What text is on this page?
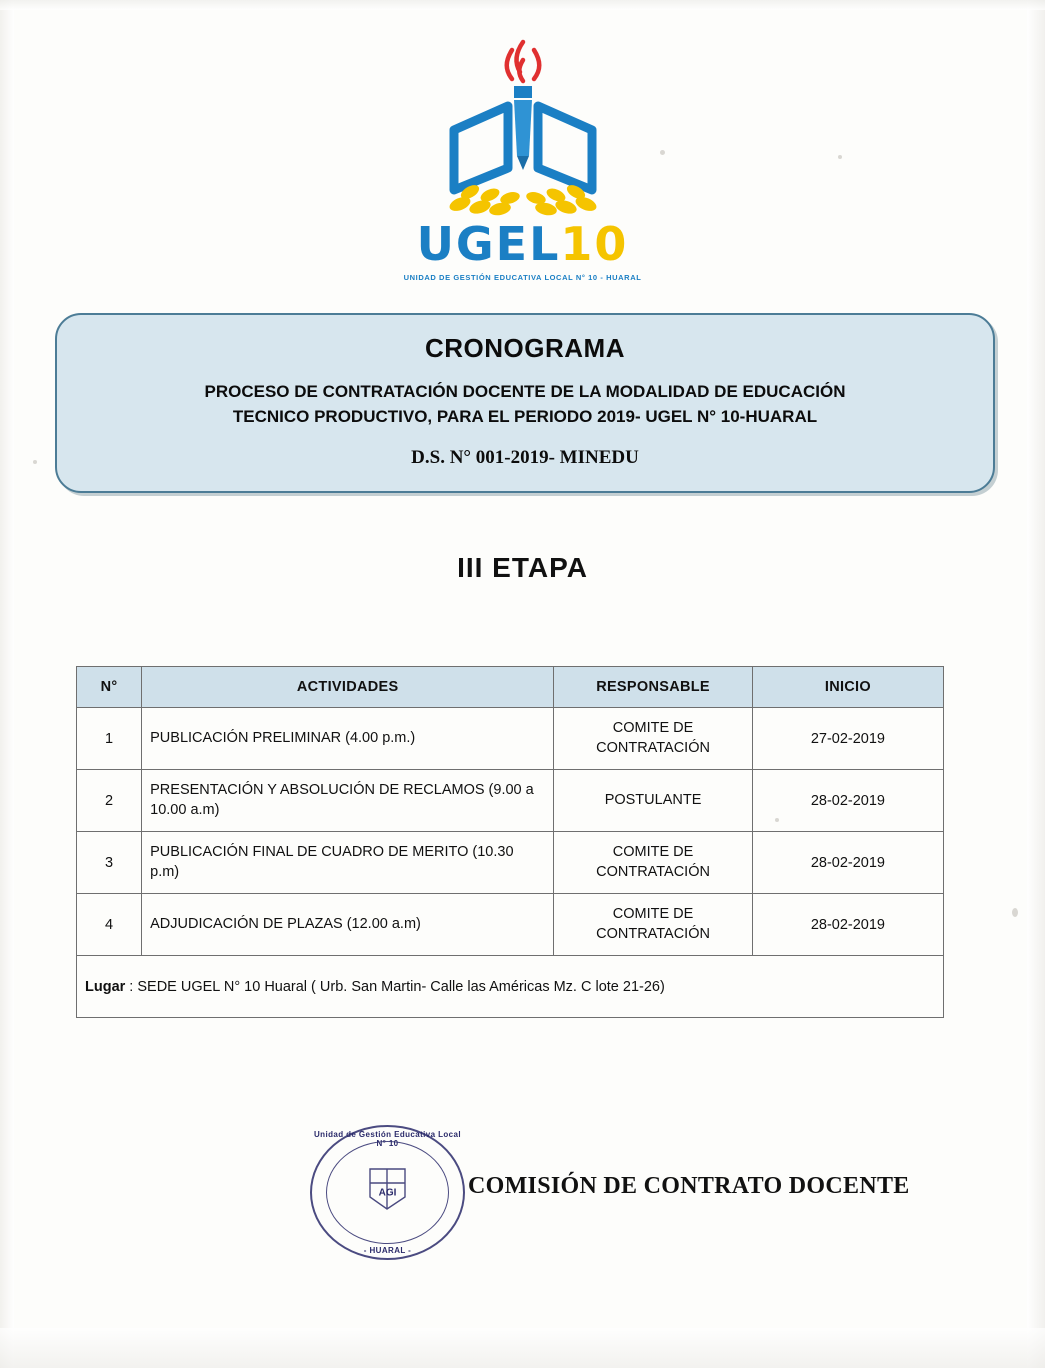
UGEL10
UNIDAD DE GESTIÓN EDUCATIVA LOCAL N° 10 - HUARAL
CRONOGRAMA
PROCESO DE CONTRATACIÓN DOCENTE DE LA MODALIDAD DE EDUCACIÓN
TECNICO PRODUCTIVO, PARA EL PERIODO 2019- UGEL N° 10-HUARAL
D.S. N° 001-2019- MINEDU
III ETAPA
N°	ACTIVIDADES	RESPONSABLE	INICIO
1	PUBLICACIÓN PRELIMINAR (4.00 p.m.)	COMITE DE CONTRATACIÓN	27-02-2019
2	PRESENTACIÓN Y ABSOLUCIÓN DE RECLAMOS (9.00 a 10.00 a.m)	POSTULANTE	28-02-2019
3	PUBLICACIÓN FINAL DE CUADRO DE MERITO (10.30 p.m)	COMITE DE CONTRATACIÓN	28-02-2019
4	ADJUDICACIÓN DE PLAZAS (12.00 a.m)	COMITE DE CONTRATACIÓN	28-02-2019
Lugar : SEDE UGEL N° 10 Huaral ( Urb. San Martin- Calle las Américas Mz. C lote 21-26)			
Unidad de Gestión Educativa Local N° 10
AGI
- HUARAL -
COMISIÓN DE CONTRATO DOCENTE
